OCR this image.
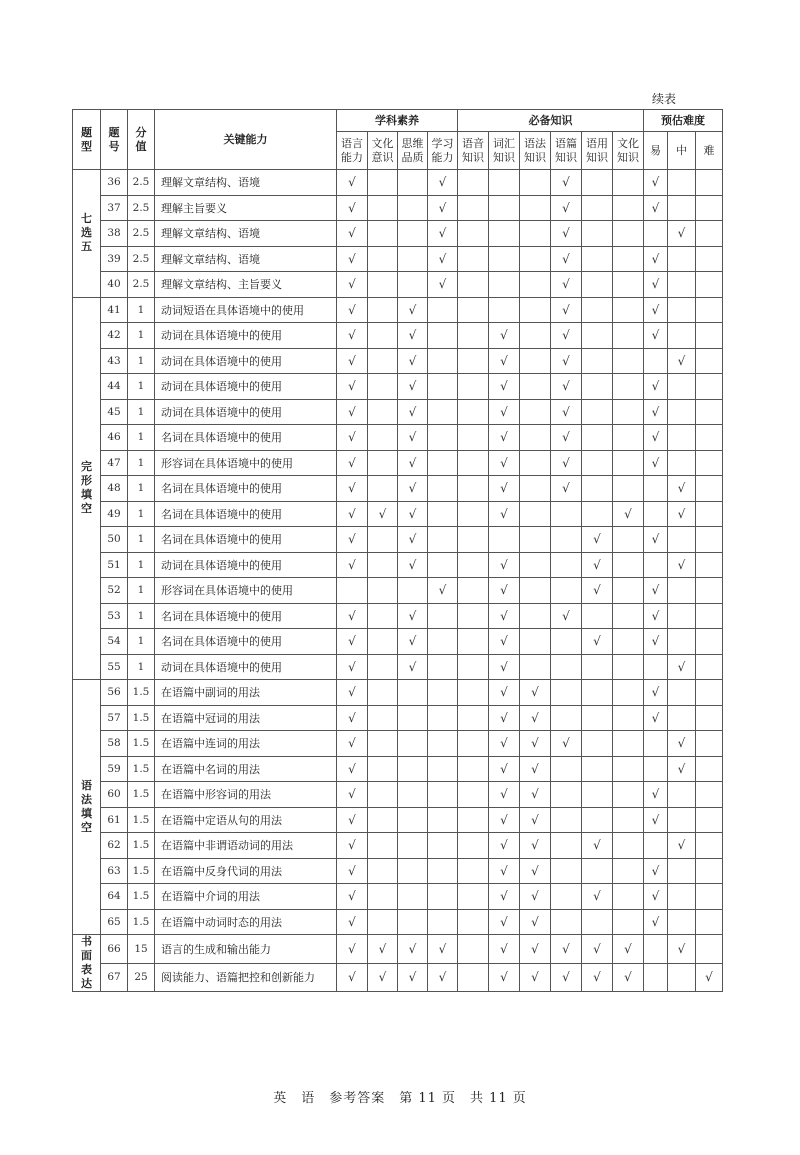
续表
题型	题号	分值	关键能力	学科素养				必备知识						预估难度		

				语言能力	文化意识	思维品质	学习能力	语音知识	词汇知识	语法知识	语篇知识	语用知识	文化知识	易	中	难

七选五	36	2.5	理解文章结构、语境	√			√				√			√		
	37	2.5	理解主旨要义	√			√				√			√		
	38	2.5	理解文章结构、语境	√			√				√				√	
	39	2.5	理解文章结构、语境	√			√				√			√		
	40	2.5	理解文章结构、主旨要义	√			√				√			√		

完形填空	41	1	动词短语在具体语境中的使用	√		√					√			√		
	42	1	动词在具体语境中的使用	√		√			√		√			√		
	43	1	动词在具体语境中的使用	√		√			√		√				√	
	44	1	动词在具体语境中的使用	√		√			√		√			√		
	45	1	动词在具体语境中的使用	√		√			√		√			√		
	46	1	名词在具体语境中的使用	√		√			√		√			√		
	47	1	形容词在具体语境中的使用	√		√			√		√			√		
	48	1	名词在具体语境中的使用	√		√			√		√				√	
	49	1	名词在具体语境中的使用	√	√	√			√				√		√	
	50	1	名词在具体语境中的使用	√		√						√		√		
	51	1	动词在具体语境中的使用	√		√			√			√			√	
	52	1	形容词在具体语境中的使用				√		√			√		√		
	53	1	名词在具体语境中的使用	√		√			√		√			√		
	54	1	名词在具体语境中的使用	√		√			√			√		√		
	55	1	动词在具体语境中的使用	√		√			√						√	

语法填空	56	1.5	在语篇中副词的用法	√					√	√				√		
	57	1.5	在语篇中冠词的用法	√					√	√				√		
	58	1.5	在语篇中连词的用法	√					√	√	√				√	
	59	1.5	在语篇中名词的用法	√					√	√					√	
	60	1.5	在语篇中形容词的用法	√					√	√				√		
	61	1.5	在语篇中定语从句的用法	√					√	√				√		
	62	1.5	在语篇中非谓语动词的用法	√					√	√		√			√	
	63	1.5	在语篇中反身代词的用法	√					√	√				√		
	64	1.5	在语篇中介词的用法	√					√	√		√		√		
	65	1.5	在语篇中动词时态的用法	√					√	√				√		

书面表达	66	15	语言的生成和输出能力	√	√	√	√		√	√	√	√	√		√	
	67	25	阅读能力、语篇把控和创新能力	√	√	√	√		√	√	√	√	√			√
英　语　参考答案　第 11 页　共 11 页
